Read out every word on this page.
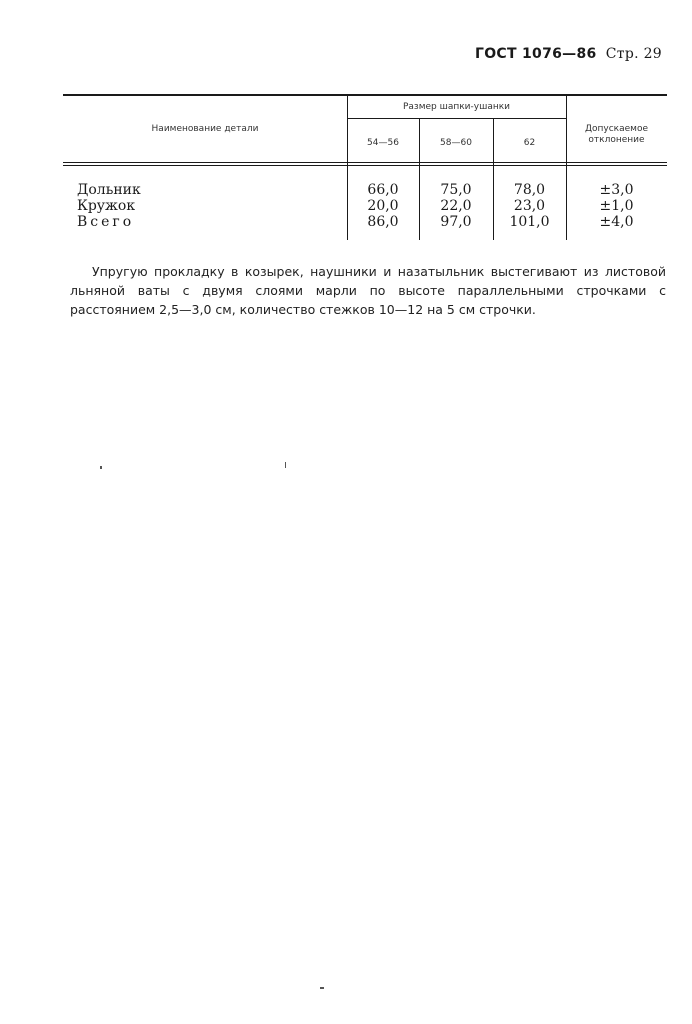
ГОСТ 1076—86 Стр. 29
Наименование детали
Размер шапки-ушанки
54—56	58—60	62
Допускаемое
отклонение
Дольник	66,0	75,0	78,0	±3,0
Кружок	20,0	22,0	23,0	±1,0
Всего	86,0	97,0	101,0	±4,0
Упругую прокладку в козырек, наушники и назатыльник выстегивают из листовой льняной ваты с двумя слоями марли по высоте параллельными строчками с расстоянием 2,5—3,0 см, количество стежков 10—12 на 5 см строчки.
